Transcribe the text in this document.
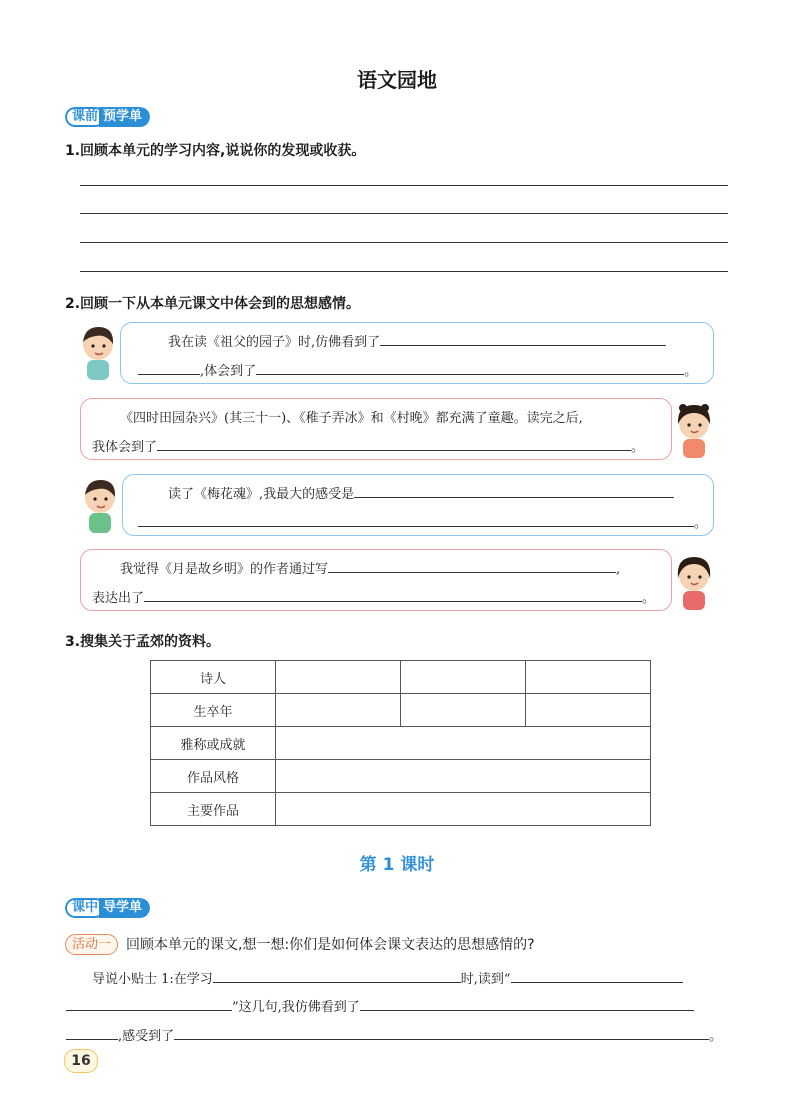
语文园地
课前 预学单
1.回顾本单元的学习内容,说说你的发现或收获。
2.回顾一下从本单元课文中体会到的思想感情。
我在读《祖父的园子》时,仿佛看到了
,体会到了	。
《四时田园杂兴》(其三十一)、《稚子弄冰》和《村晚》都充满了童趣。读完之后,
我体会到了	。
读了《梅花魂》,我最大的感受是
。
我觉得《月是故乡明》的作者通过写	,
表达出了	。
3.搜集关于孟郊的资料。
诗人			
生卒年			
雅称或成就			
作品风格			
主要作品			
第 1 课时
课中 导学单
活动一	回顾本单元的课文,想一想:你们是如何体会课文表达的思想感情的?
导说小贴士 1:在学习	时,读到“
”这几句,我仿佛看到了
,感受到了	。
16
